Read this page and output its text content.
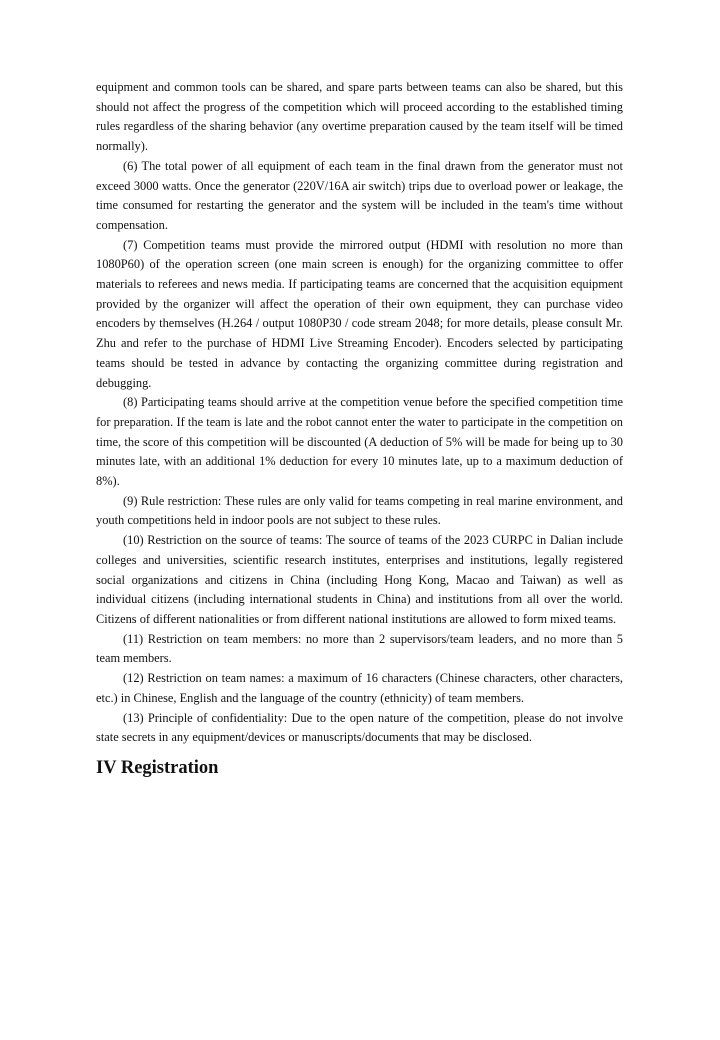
equipment and common tools can be shared, and spare parts between teams can also be shared, but this should not affect the progress of the competition which will proceed according to the established timing rules regardless of the sharing behavior (any overtime preparation caused by the team itself will be timed normally).

(6) The total power of all equipment of each team in the final drawn from the generator must not exceed 3000 watts. Once the generator (220V/16A air switch) trips due to overload power or leakage, the time consumed for restarting the generator and the system will be included in the team's time without compensation.

(7) Competition teams must provide the mirrored output (HDMI with resolution no more than 1080P60) of the operation screen (one main screen is enough) for the organizing committee to offer materials to referees and news media. If participating teams are concerned that the acquisition equipment provided by the organizer will affect the operation of their own equipment, they can purchase video encoders by themselves (H.264 / output 1080P30 / code stream 2048; for more details, please consult Mr. Zhu and refer to the purchase of HDMI Live Streaming Encoder). Encoders selected by participating teams should be tested in advance by contacting the organizing committee during registration and debugging.

(8) Participating teams should arrive at the competition venue before the specified competition time for preparation. If the team is late and the robot cannot enter the water to participate in the competition on time, the score of this competition will be discounted (A deduction of 5% will be made for being up to 30 minutes late, with an additional 1% deduction for every 10 minutes late, up to a maximum deduction of 8%).

(9) Rule restriction: These rules are only valid for teams competing in real marine environment, and youth competitions held in indoor pools are not subject to these rules.

(10) Restriction on the source of teams: The source of teams of the 2023 CURPC in Dalian include colleges and universities, scientific research institutes, enterprises and institutions, legally registered social organizations and citizens in China (including Hong Kong, Macao and Taiwan) as well as individual citizens (including international students in China) and institutions from all over the world. Citizens of different nationalities or from different national institutions are allowed to form mixed teams.

(11) Restriction on team members: no more than 2 supervisors/team leaders, and no more than 5 team members.

(12) Restriction on team names: a maximum of 16 characters (Chinese characters, other characters, etc.) in Chinese, English and the language of the country (ethnicity) of team members.

(13) Principle of confidentiality: Due to the open nature of the competition, please do not involve state secrets in any equipment/devices or manuscripts/documents that may be disclosed.

IV Registration
